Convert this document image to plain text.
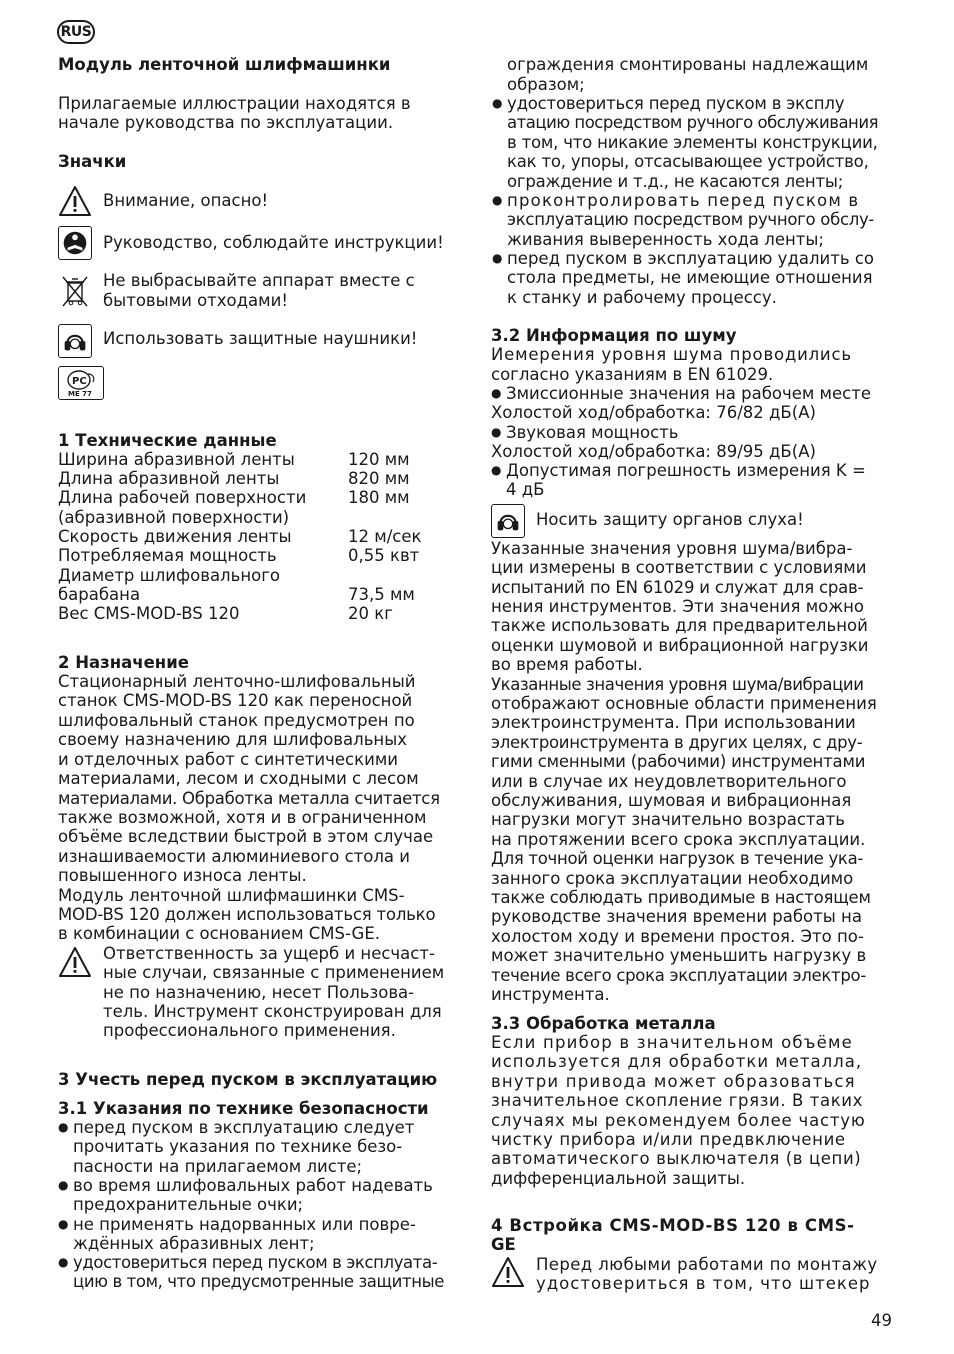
RUS
Модуль ленточной шлифмашинки
Прилагаемые иллюстрации находятся в
начале руководства по эксплуатации.
Значки
Внимание, опасно!
Руководство, соблюдайте инструкции!
Не выбрасывайте аппарат вместе с
бытовыми отходами!
Использовать защитные наушники!
PC
ME 77
1 Технические данные
Ширина абразивной ленты	120 мм
Длина абразивной ленты	820 мм
Длина рабочей поверхности	180 мм
(абразивной поверхности)
Скорость движения ленты	12 м/сек
Потребляемая мощность	0,55 квт
Диаметр шлифовального
барабана	73,5 мм
Вес CMS-MOD-BS 120	20 кг
2 Назначение
Стационарный ленточно-шлифовальный
станок CMS-MOD-BS 120 как переносной
шлифовальный станок предусмотрен по
своему назначению для шлифовальных
и отделочных работ с синтетическими
материалами, лесом и сходными с лесом
материалами. Обработка металла считается
также возможной, хотя и в ограниченном
объёме вследствии быстрой в этом случае
изнашиваемости алюминиевого стола и
повышенного износа ленты.
Модуль ленточной шлифмашинки CMS-
MOD-BS 120 должен использоваться только
в комбинации с основанием CMS-GE.
Ответственность за ущерб и несчаст-
ные случаи, связанные с применением
не по назначению, несет Пользова-
тель. Инструмент сконструирован для
профессионального применения.
3 Учесть перед пуском в эксплуатацию
3.1 Указания по технике безопасности
● перед пуском в эксплуатацию следует
прочитать указания по технике безо-
пасности на прилагаемом листе;
● во время шлифовальных работ надевать
предохранительные очки;
● не применять надорванных или повре-
ждённых абразивных лент;
● удостовериться перед пуском в эксплуата-
цию в том, что предусмотренные защитные
ограждения смонтированы надлежащим
образом;
● удостовериться перед пуском в эксплу
атацию посредством ручного обслуживания
в том, что никакие элементы конструкции,
как то, упоры, отсасывающее устройство,
ограждение и т.д., не касаются ленты;
● проконтролировать перед пуском в
эксплуатацию посредством ручного обслу-
живания выверенность хода ленты;
● перед пуском в эксплуатацию удалить со
стола предметы, не имеющие отношения
к станку и рабочему процессу.
3.2 Информация по шуму
Иемерения уровня шума проводились
согласно указаниям в EN 61029.
● Змиссионные значения на рабочем месте
Холостой ход/обработка: 76/82 дБ(А)
● Звуковая мощность
Холостой ход/обработка: 89/95 дБ(А)
● Допустимая погрешность измерения K =
4 дБ
Носить защиту органов слуха!
Указанные значения уровня шума/вибра-
ции измерены в соответствии с условиями
испытаний по EN 61029 и служат для срав-
нения инструментов. Эти значения можно
также использовать для предварительной
оценки шумовой и вибрационной нагрузки
во время работы.
Указанные значения уровня шума/вибрации
отображают основные области применения
электроинструмента. При использовании
электроинструмента в других целях, с дру-
гими сменными (рабочими) инструментами
или в случае их неудовлетворительного
обслуживания, шумовая и вибрационная
нагрузки могут значительно возрастать
на протяжении всего срока эксплуатации.
Для точной оценки нагрузок в течение ука-
занного срока эксплуатации необходимо
также соблюдать приводимые в настоящем
руководстве значения времени работы на
холостом ходу и времени простоя. Это по-
может значительно уменьшить нагрузку в
течение всего срока эксплуатации электро-
инструмента.
3.3 Обработка металла
Если прибор в значительном объёме
используется для обработки металла,
внутри привода может образоваться
значительное скопление грязи. В таких
случаях мы рекомендуем более частую
чистку прибора и/или предвключение
автоматического выключателя (в цепи)
дифференциальной защиты.
4 Встройка CMS-MOD-BS 120 в CMS-
GE
Перед любыми работами по монтажу
удостовериться в том, что штекер
49
